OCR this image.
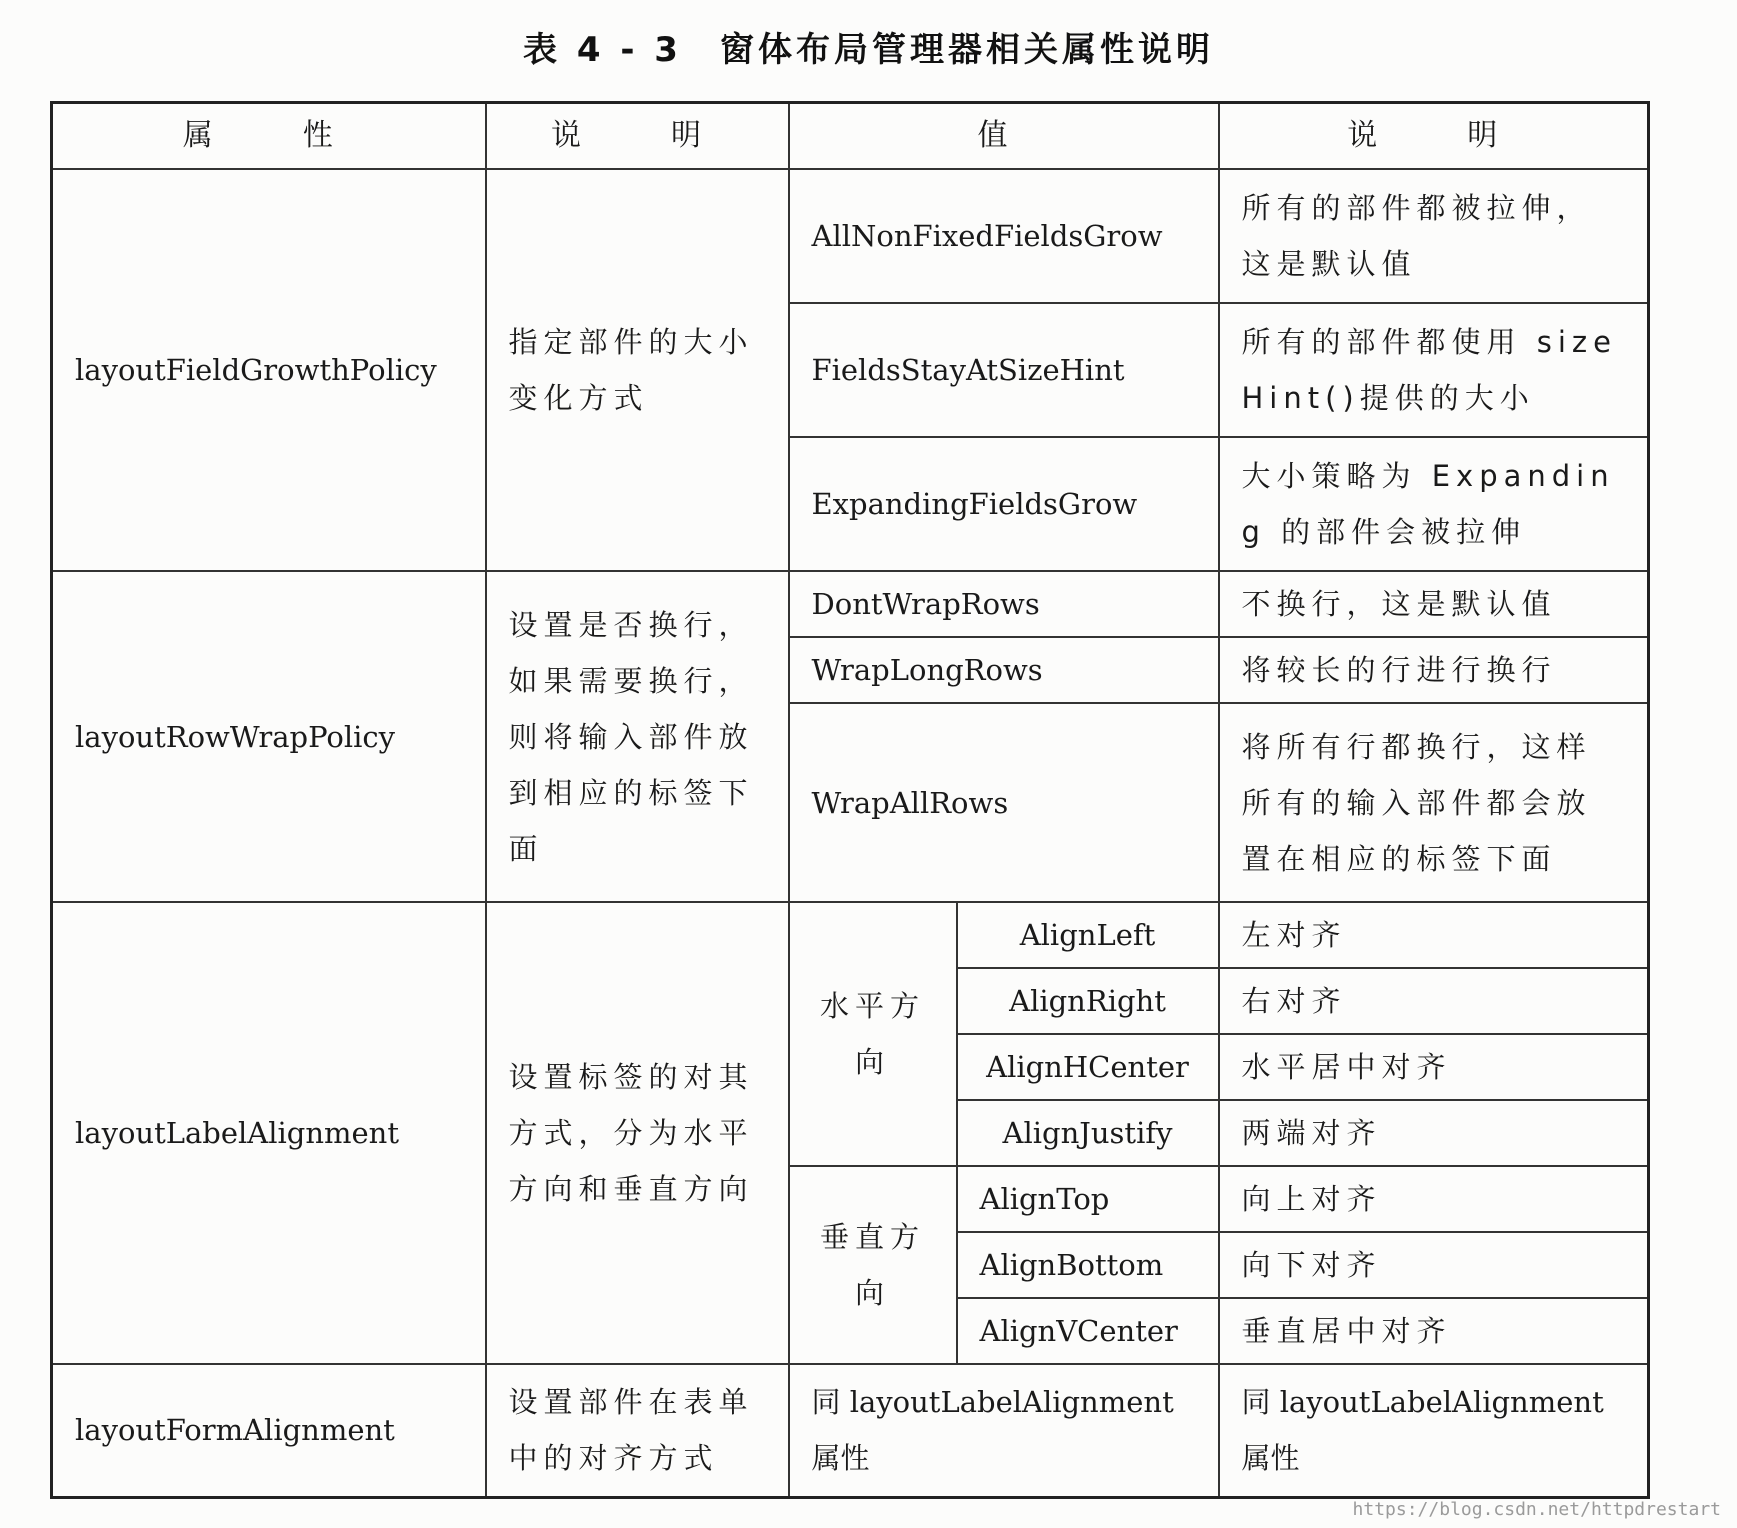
表 4 - 3　窗体布局管理器相关属性说明
属　性	说　明	值		说　明
layoutFieldGrowthPolicy	指定部件的大小变化方式	AllNonFixedFieldsGrow		所有的部件都被拉伸，这是默认值
		FieldsStayAtSizeHint		所有的部件都使用 sizeHint()提供的大小
		ExpandingFieldsGrow		大小策略为 Expanding 的部件会被拉伸
layoutRowWrapPolicy	设置是否换行，如果需要换行，则将输入部件放到相应的标签下面	DontWrapRows		不换行，这是默认值
		WrapLongRows		将较长的行进行换行
		WrapAllRows		将所有行都换行，这样所有的输入部件都会放置在相应的标签下面
layoutLabelAlignment	设置标签的对其方式，分为水平方向和垂直方向	水平方向	AlignLeft	左对齐
			AlignRight	右对齐
			AlignHCenter	水平居中对齐
			AlignJustify	两端对齐
		垂直方向	AlignTop	向上对齐
			AlignBottom	向下对齐
			AlignVCenter	垂直居中对齐
layoutFormAlignment	设置部件在表单中的对齐方式	同 layoutLabelAlignment 属性		同 layoutLabelAlignment 属性
https://blog.csdn.net/httpdrestart
